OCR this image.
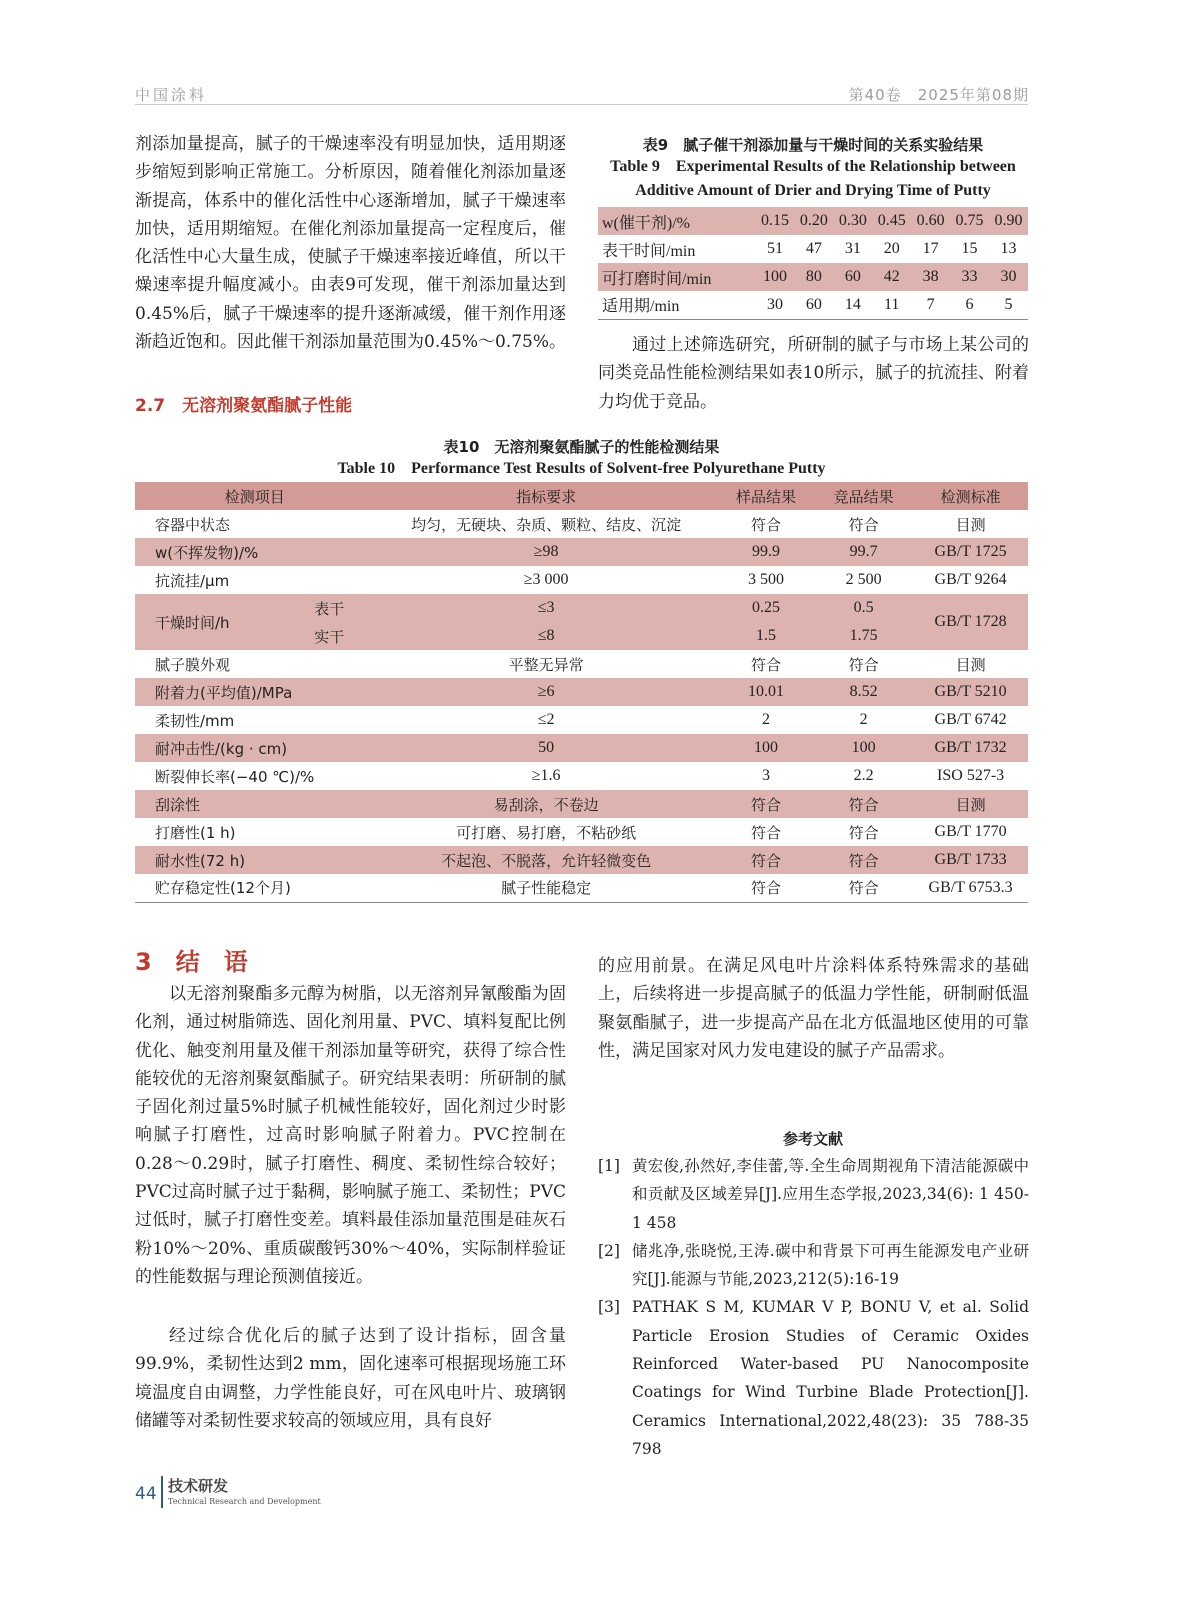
中国涂料	第40卷　2025年第08期
剂添加量提高，腻子的干燥速率没有明显加快，适用期逐步缩短到影响正常施工。分析原因，随着催化剂添加量逐渐提高，体系中的催化活性中心逐渐增加，腻子干燥速率加快，适用期缩短。在催化剂添加量提高一定程度后，催化活性中心大量生成，使腻子干燥速率接近峰值，所以干燥速率提升幅度减小。由表9可发现，催干剂添加量达到0.45%后，腻子干燥速率的提升逐渐减缓，催干剂作用逐渐趋近饱和。因此催干剂添加量范围为0.45%～0.75%。
2.7　无溶剂聚氨酯腻子性能
表9　腻子催干剂添加量与干燥时间的关系实验结果
Table 9　Experimental Results of the Relationship between Additive Amount of Drier and Drying Time of Putty
w(催干剂)/%	0.15	0.20	0.30	0.45	0.60	0.75	0.90
表干时间/min	51	47	31	20	17	15	13
可打磨时间/min	100	80	60	42	38	33	30
适用期/min	30	60	14	11	7	6	5
通过上述筛选研究，所研制的腻子与市场上某公司的同类竞品性能检测结果如表10所示，腻子的抗流挂、附着力均优于竞品。
表10　无溶剂聚氨酯腻子的性能检测结果
Table 10　Performance Test Results of Solvent-free Polyurethane Putty
检测项目		指标要求	样品结果	竞品结果	检测标准
容器中状态		均匀，无硬块、杂质、颗粒、结皮、沉淀	符合	符合	目测
w(不挥发物)/%		≥98	99.9	99.7	GB/T 1725
抗流挂/μm		≥3 000	3 500	2 500	GB/T 9264
干燥时间/h	表干	≤3	0.25	0.5	GB/T 1728
	实干	≤8	1.5	1.75	
腻子膜外观		平整无异常	符合	符合	目测
附着力(平均值)/MPa		≥6	10.01	8.52	GB/T 5210
柔韧性/mm		≤2	2	2	GB/T 6742
耐冲击性/(kg · cm)		50	100	100	GB/T 1732
断裂伸长率(−40 ℃)/%		≥1.6	3	2.2	ISO 527-3
刮涂性		易刮涂，不卷边	符合	符合	目测
打磨性(1 h)		可打磨、易打磨，不粘砂纸	符合	符合	GB/T 1770
耐水性(72 h)		不起泡、不脱落，允许轻微变色	符合	符合	GB/T 1733
贮存稳定性(12个月)		腻子性能稳定	符合	符合	GB/T 6753.3
3　结　语
以无溶剂聚酯多元醇为树脂，以无溶剂异氰酸酯为固化剂，通过树脂筛选、固化剂用量、PVC、填料复配比例优化、触变剂用量及催干剂添加量等研究，获得了综合性能较优的无溶剂聚氨酯腻子。研究结果表明：所研制的腻子固化剂过量5%时腻子机械性能较好，固化剂过少时影响腻子打磨性，过高时影响腻子附着力。PVC控制在0.28～0.29时，腻子打磨性、稠度、柔韧性综合较好；PVC过高时腻子过于黏稠，影响腻子施工、柔韧性；PVC过低时，腻子打磨性变差。填料最佳添加量范围是硅灰石粉10%～20%、重质碳酸钙30%～40%，实际制样验证的性能数据与理论预测值接近。
经过综合优化后的腻子达到了设计指标，固含量99.9%，柔韧性达到2 mm，固化速率可根据现场施工环境温度自由调整，力学性能良好，可在风电叶片、玻璃钢储罐等对柔韧性要求较高的领域应用，具有良好
的应用前景。在满足风电叶片涂料体系特殊需求的基础上，后续将进一步提高腻子的低温力学性能，研制耐低温聚氨酯腻子，进一步提高产品在北方低温地区使用的可靠性，满足国家对风力发电建设的腻子产品需求。
参考文献
[1] 黄宏俊,孙然好,李佳蕾,等.全生命周期视角下清洁能源碳中和贡献及区域差异[J].应用生态学报,2023,34(6): 1 450-1 458
[2] 储兆净,张晓悦,王涛.碳中和背景下可再生能源发电产业研究[J].能源与节能,2023,212(5):16-19
[3] PATHAK S M, KUMAR V P, BONU V, et al. Solid Particle Erosion Studies of Ceramic Oxides Reinforced Water-based PU Nanocomposite Coatings for Wind Turbine Blade Protection[J]. Ceramics International,2022,48(23): 35 788-35 798
44 技术研发
Technical Research and Development
